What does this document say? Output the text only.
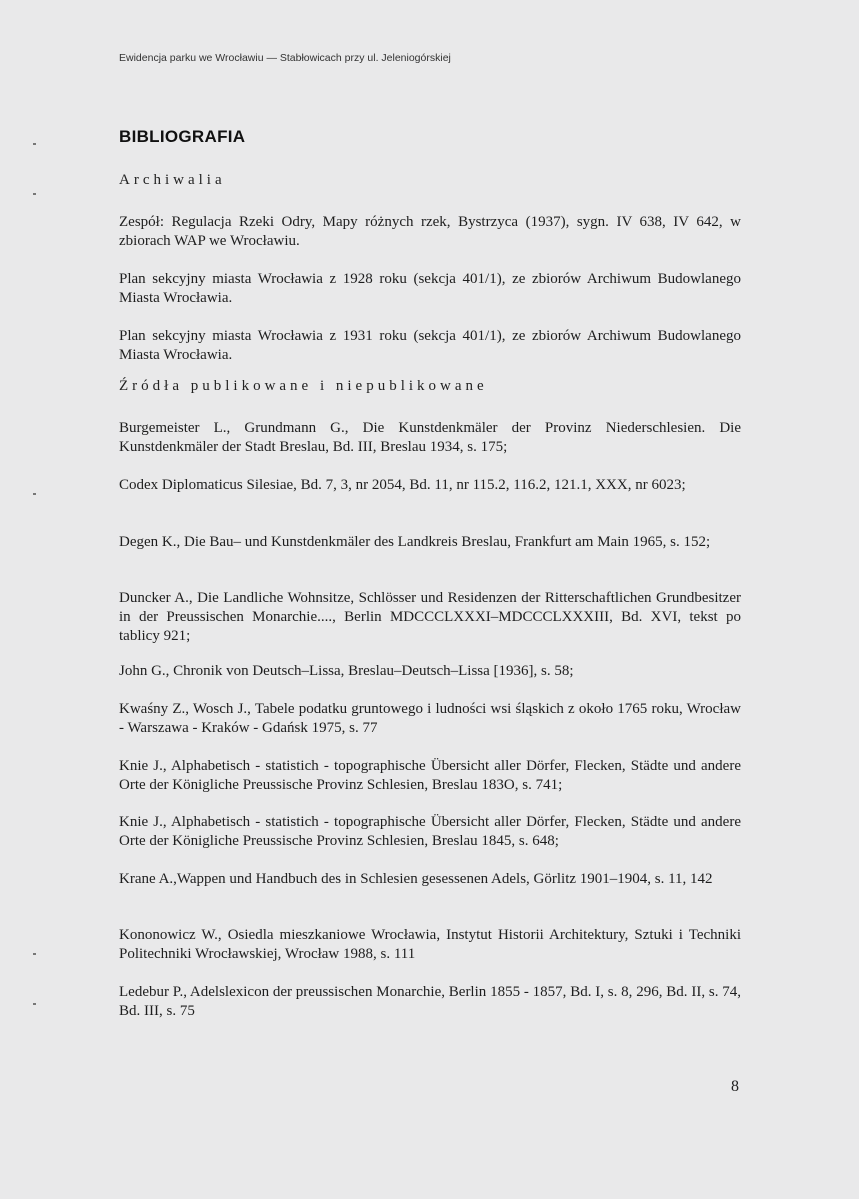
Ewidencja parku we Wrocławiu — Stabłowicach przy ul. Jeleniogórskiej
BIBLIOGRAFIA
Archiwalia

Zespół: Regulacja Rzeki Odry, Mapy różnych rzek, Bystrzyca (1937), sygn. IV 638, IV 642, w zbiorach WAP we Wrocławiu.

Plan sekcyjny miasta Wrocławia z 1928 roku (sekcja 401/1), ze zbiorów Archiwum Budowlanego Miasta Wrocławia.

Plan sekcyjny miasta Wrocławia z 1931 roku (sekcja 401/1), ze zbiorów Archiwum Budowlanego Miasta Wrocławia.

Źródła publikowane i niepublikowane

Burgemeister L., Grundmann G., Die Kunstdenkmäler der Provinz Niederschlesien. Die Kunstdenkmäler der Stadt Breslau, Bd. III, Breslau 1934, s. 175;

Codex Diplomaticus Silesiae, Bd. 7, 3, nr 2054, Bd. 11, nr 115.2, 116.2, 121.1, XXX, nr 6023;

Degen K., Die Bau– und Kunstdenkmäler des Landkreis Breslau, Frankfurt am Main 1965, s. 152;

Duncker A., Die Landliche Wohnsitze, Schlösser und Residenzen der Ritterschaftlichen Grundbesitzer in der Preussischen Monarchie...., Berlin MDCCCLXXXI–MDCCCLXXXIII, Bd. XVI, tekst po tablicy 921;

John G., Chronik von Deutsch–Lissa, Breslau–Deutsch–Lissa [1936], s. 58;

Kwaśny Z., Wosch J., Tabele podatku gruntowego i ludności wsi śląskich z około 1765 roku, Wrocław - Warszawa - Kraków - Gdańsk 1975, s. 77

Knie J., Alphabetisch - statistich - topographische Übersicht aller Dörfer, Flecken, Städte und andere Orte der Königliche Preussische Provinz Schlesien, Breslau 183O, s. 741;

Knie J., Alphabetisch - statistich - topographische Übersicht aller Dörfer, Flecken, Städte und andere Orte der Königliche Preussische Provinz Schlesien, Breslau 1845, s. 648;

Krane A.,Wappen und Handbuch des in Schlesien gesessenen Adels, Görlitz 1901–1904, s. 11, 142

Kononowicz W., Osiedla mieszkaniowe Wrocławia, Instytut Historii Architektury, Sztuki i Techniki Politechniki Wrocławskiej, Wrocław 1988, s. 111

Ledebur P., Adelslexicon der preussischen Monarchie, Berlin 1855 - 1857, Bd. I, s. 8, 296, Bd. II, s. 74, Bd. III, s. 75

8
